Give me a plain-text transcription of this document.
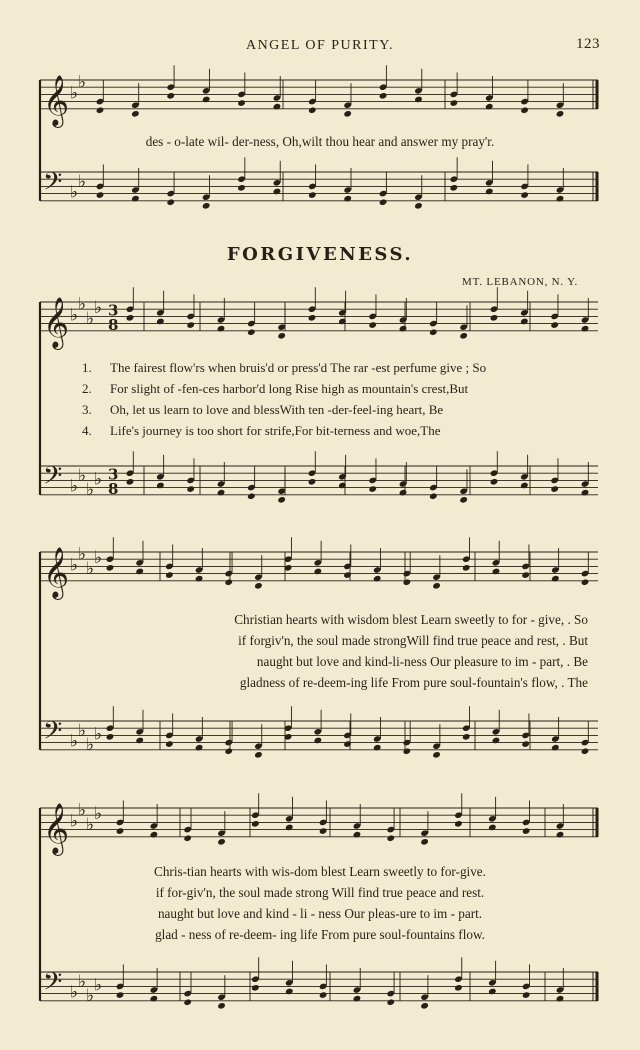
ANGEL OF PURITY.	123
des - o-late wil- der-ness, Oh,wilt thou hear and answer my pray'r.
FORGIVENESS.
MT. LEBANON, N. Y.
1. The fairest flow'rs when bruis'd or press'd The rar -est perfume give ; So
2. For slight of -fen-ces harbor'd long Rise high as mountain's crest,But
3. Oh, let us learn to love and blessWith ten -der-feel-ing heart, Be
4. Life's journey is too short for strife,For bit-terness and woe,The
Christian hearts with wisdom blest Learn sweetly to for - give, . So
if forgiv'n, the soul made strongWill find true peace and rest, . But
naught but love and kind-li-ness Our pleasure to im - part, . Be
gladness of re-deem-ing life From pure soul-fountain's flow, . The
Chris-tian hearts with wis-dom blest Learn sweetly to for-give.
if for-giv'n, the soul made strong Will find true peace and rest.
naught but love and kind - li - ness Our pleas-ure to im - part.
glad - ness of re-deem- ing life From pure soul-fountains flow.
𝄞 ♭
♭
𝄢 ♭
♭
𝄞 ♭
♭
♭
♭ 3
8
𝄢 ♭
♭
♭
♭ 3
8
𝄞 ♭
♭
♭
♭
𝄢 ♭
♭
♭
♭
𝄞 ♭
♭
♭
♭
𝄢 ♭
♭
♭
♭
